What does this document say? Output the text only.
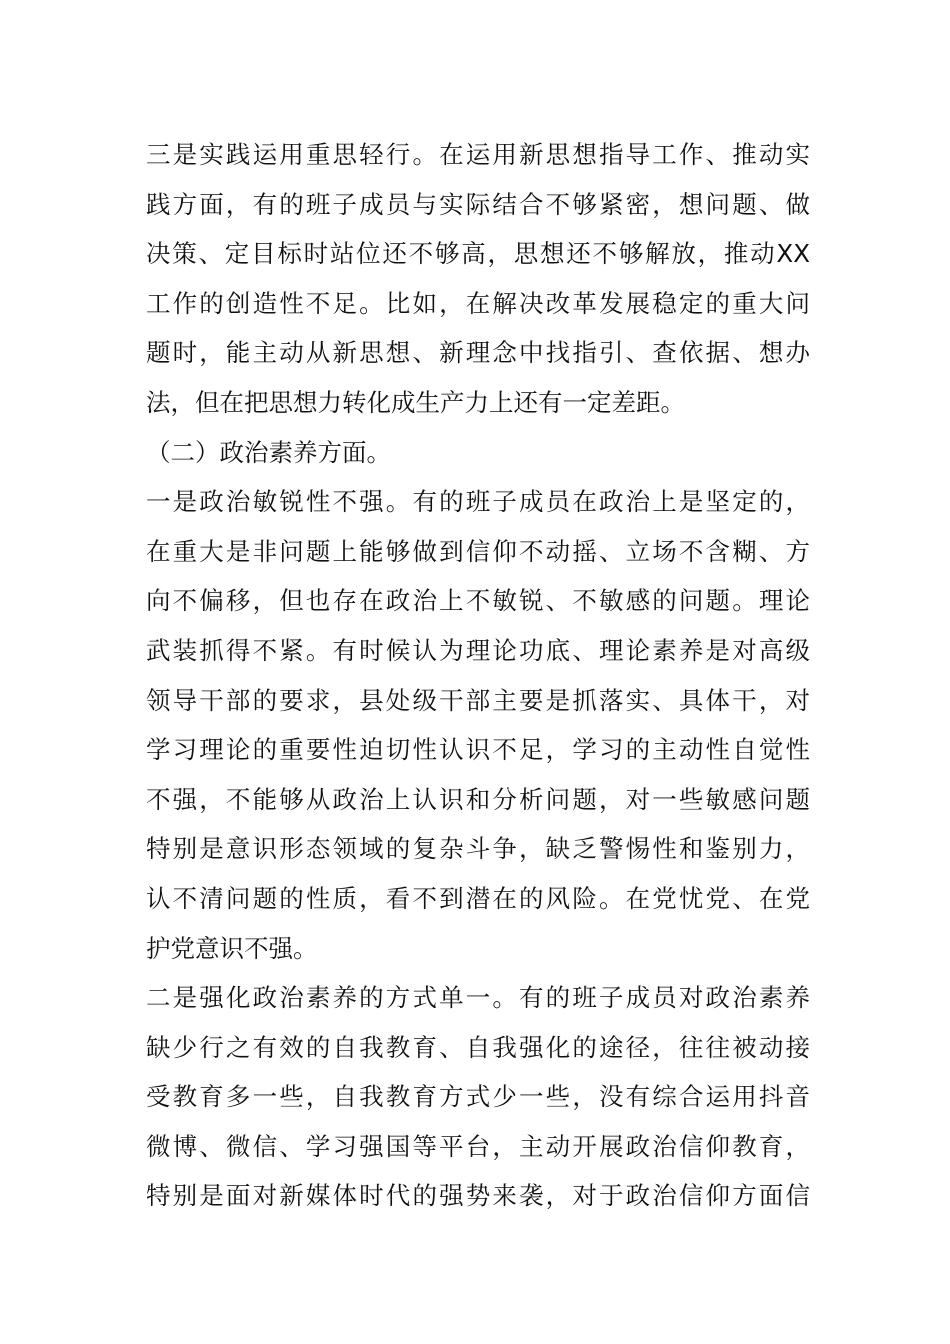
三是实践运用重思轻行。在运用新思想指导工作、推动实
践方面，有的班子成员与实际结合不够紧密，想问题、做
决策、定目标时站位还不够高，思想还不够解放，推动XX
工作的创造性不足。比如，在解决改革发展稳定的重大问
题时，能主动从新思想、新理念中找指引、查依据、想办
法，但在把思想力转化成生产力上还有一定差距。
（二）政治素养方面。
一是政治敏锐性不强。有的班子成员在政治上是坚定的，
在重大是非问题上能够做到信仰不动摇、立场不含糊、方
向不偏移，但也存在政治上不敏锐、不敏感的问题。理论
武装抓得不紧。有时候认为理论功底、理论素养是对高级
领导干部的要求，县处级干部主要是抓落实、具体干，对
学习理论的重要性迫切性认识不足，学习的主动性自觉性
不强，不能够从政治上认识和分析问题，对一些敏感问题
特别是意识形态领域的复杂斗争，缺乏警惕性和鉴别力，
认不清问题的性质，看不到潜在的风险。在党忧党、在党
护党意识不强。
二是强化政治素养的方式单一。有的班子成员对政治素养
缺少行之有效的自我教育、自我强化的途径，往往被动接
受教育多一些，自我教育方式少一些，没有综合运用抖音
微博、微信、学习强国等平台，主动开展政治信仰教育，
特别是面对新媒体时代的强势来袭，对于政治信仰方面信
